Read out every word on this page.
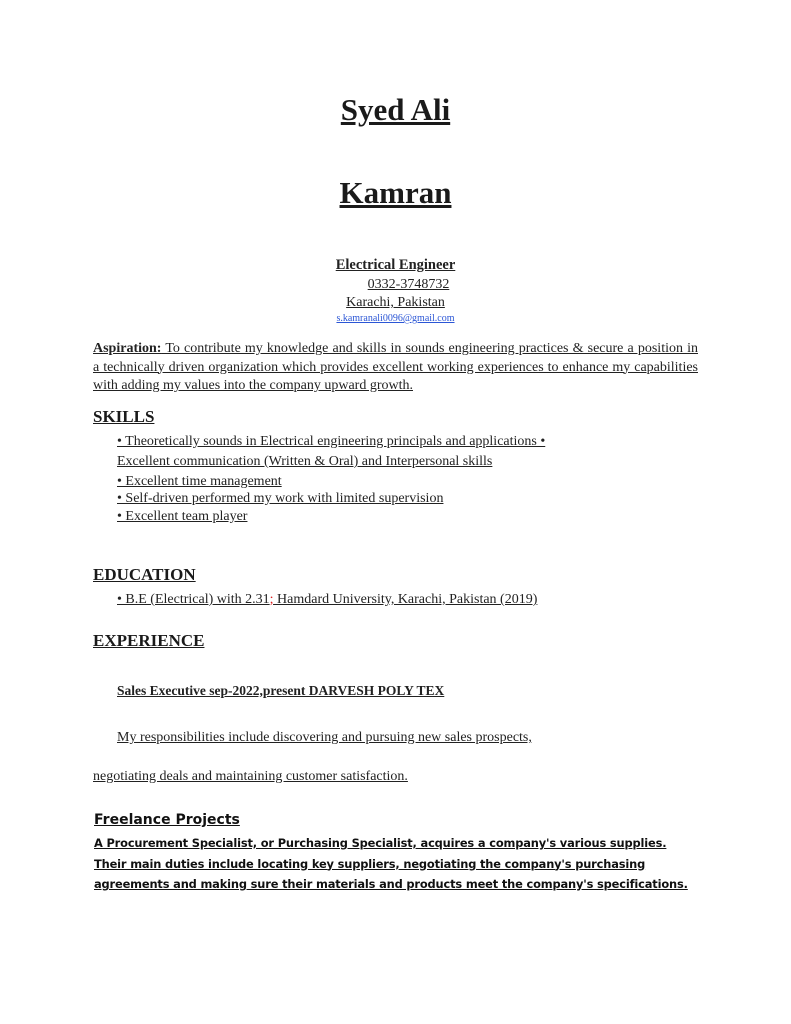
Syed Ali
Kamran
Electrical Engineer
0332-3748732
Karachi, Pakistan
s.kamranali0096@gmail.com
Aspiration: To contribute my knowledge and skills in sounds engineering practices & secure a position in a technically driven organization which provides excellent working experiences to enhance my capabilities with adding my values into the company upward growth.
SKILLS
• Theoretically sounds in Electrical engineering principals and applications •
Excellent communication (Written & Oral) and Interpersonal skills
• Excellent time management
• Self-driven performed my work with limited supervision
• Excellent team player
EDUCATION
• B.E (Electrical) with 2.31; Hamdard University, Karachi, Pakistan (2019)
EXPERIENCE
Sales Executive sep-2022,present DARVESH POLY TEX
My responsibilities include discovering and pursuing new sales prospects,
negotiating deals and maintaining customer satisfaction.
Freelance Projects
A Procurement Specialist, or Purchasing Specialist, acquires a company's various supplies.
Their main duties include locating key suppliers, negotiating the company's purchasing
agreements and making sure their materials and products meet the company's specifications.
